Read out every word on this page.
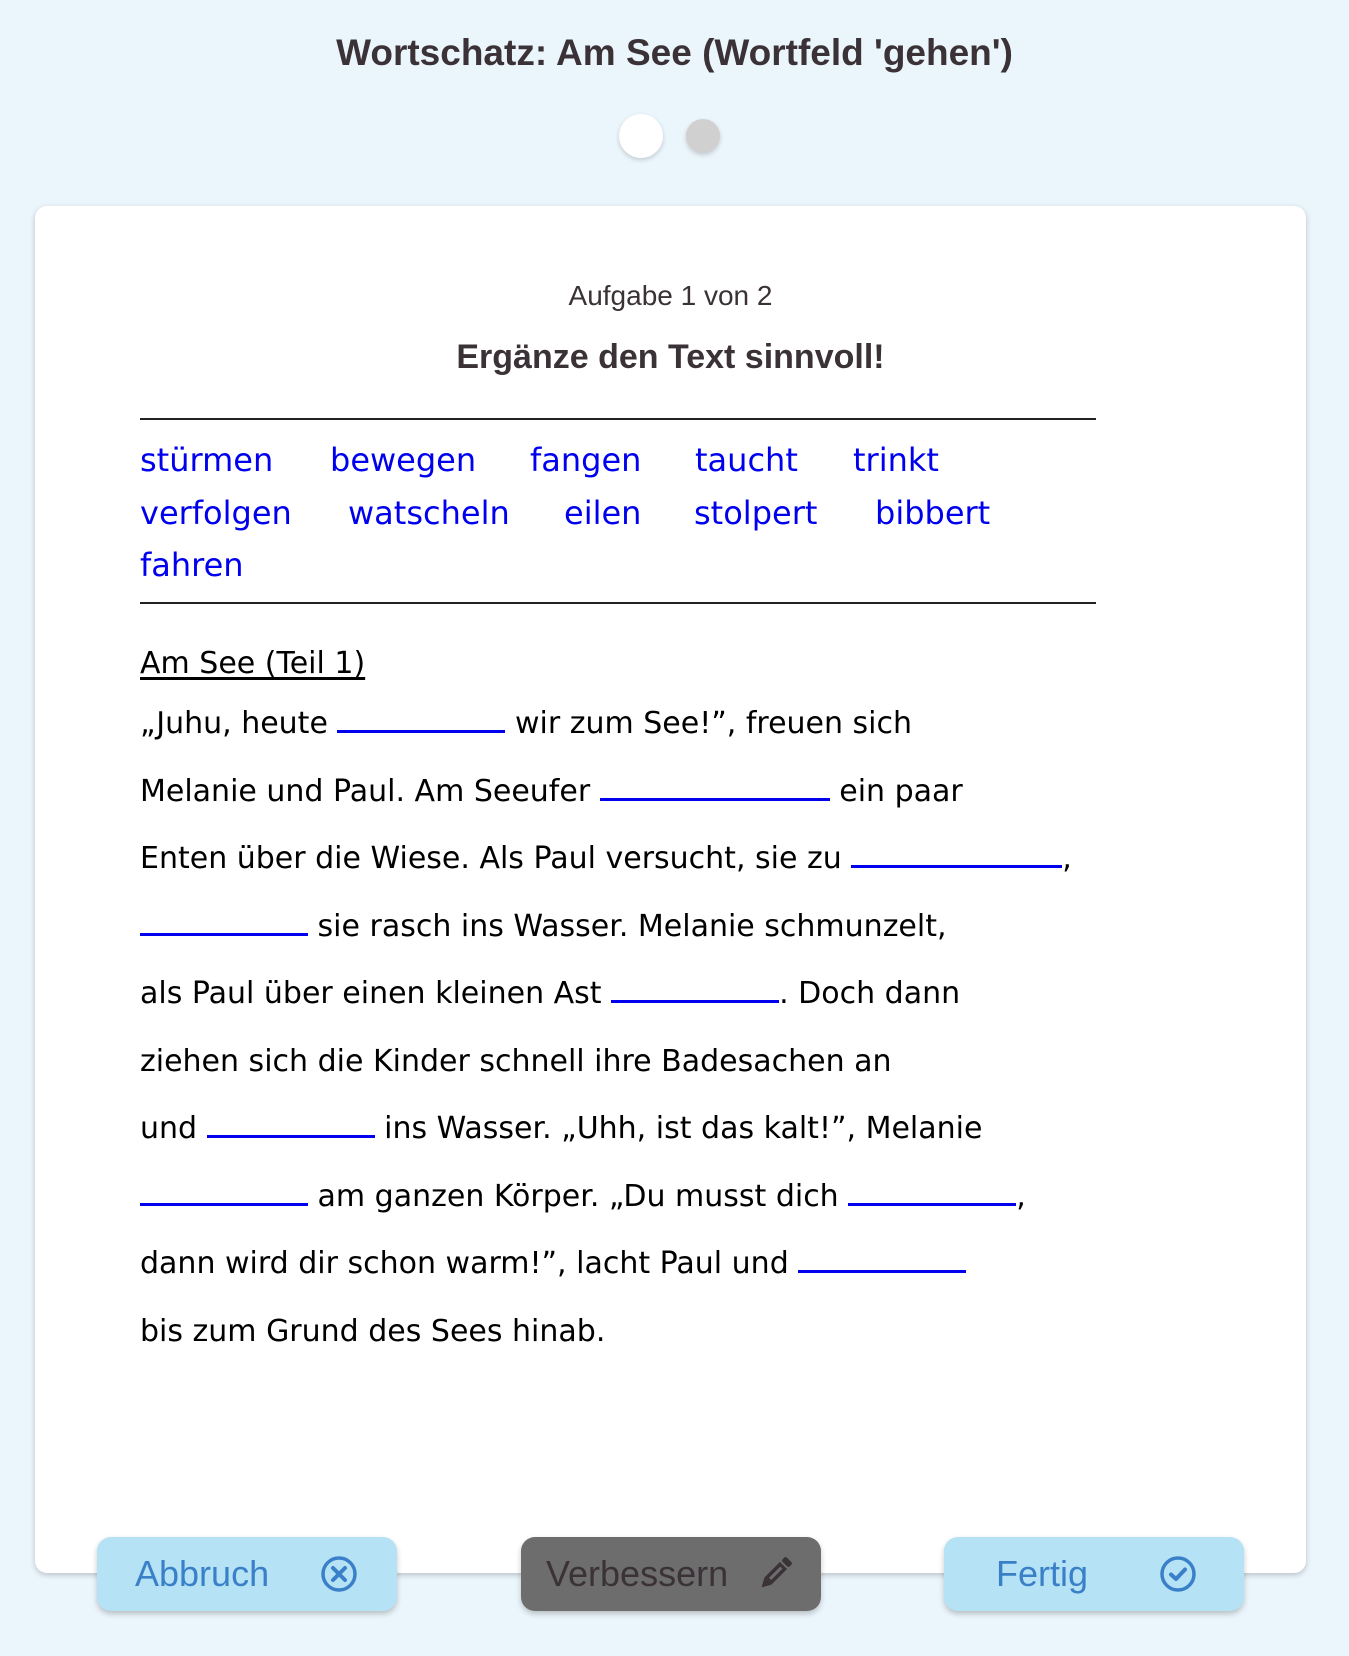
Wortschatz: Am See (Wortfeld 'gehen')
Aufgabe 1 von 2
Ergänze den Text sinnvoll!
stürmen bewegen fangen taucht trinkt
verfolgen watscheln eilen stolpert bibbert
fahren
Am See (Teil 1)
„Juhu, heute	wir zum See!”, freuen sich
Melanie und Paul. Am Seeufer	ein paar
Enten über die Wiese. Als Paul versucht, sie zu	,
sie rasch ins Wasser. Melanie schmunzelt,
als Paul über einen kleinen Ast	. Doch dann
ziehen sich die Kinder schnell ihre Badesachen an
und	ins Wasser. „Uhh, ist das kalt!”, Melanie
am ganzen Körper. „Du musst dich	,
dann wird dir schon warm!”, lacht Paul und
bis zum Grund des Sees hinab.
Abbruch	Verbessern	Fertig
